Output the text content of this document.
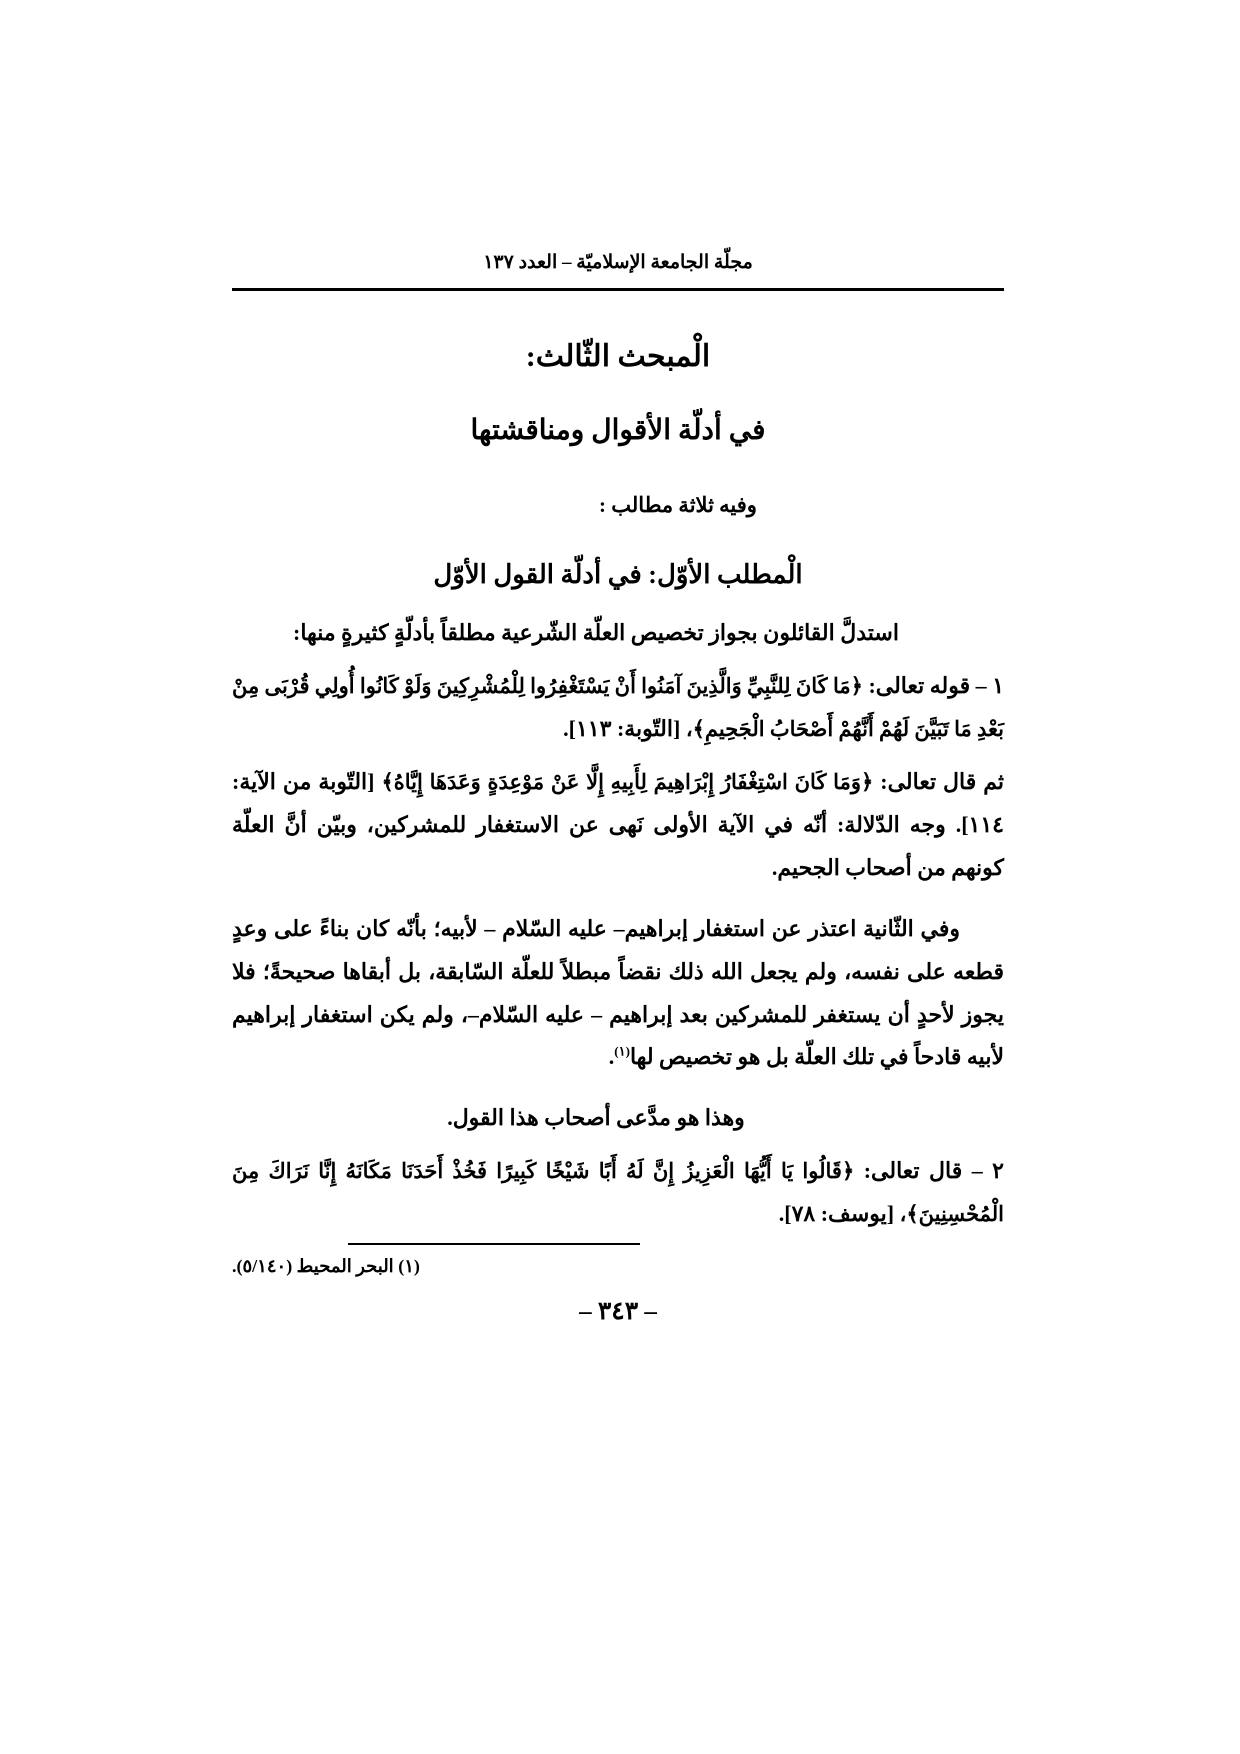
مجلّة الجامعة الإسلاميّة – العدد ١٣٧
الْمبحث الثّالث:
في أدلّة الأقوال ومناقشتها
وفيه ثلاثة مطالب :
الْمطلب الأوّل: في أدلّة القول الأوّل

استدلَّ القائلون بجواز تخصيص العلّة الشّرعية مطلقاً بأدلّةٍ كثيرةٍ منها:

١ – قوله تعالى: ﴿مَا كَانَ لِلنَّبِيِّ وَالَّذِينَ آمَنُوا أَنْ يَسْتَغْفِرُوا لِلْمُشْرِكِينَ وَلَوْ كَانُوا أُولِي قُرْبَى مِنْ بَعْدِ مَا تَبَيَّنَ لَهُمْ أَنَّهُمْ أَصْحَابُ الْجَحِيمِ﴾، [التّوبة: ١١٣].

ثم قال تعالى: ﴿وَمَا كَانَ اسْتِغْفَارُ إِبْرَاهِيمَ لِأَبِيهِ إِلَّا عَنْ مَوْعِدَةٍ وَعَدَهَا إِيَّاهُ﴾ [التّوبة من الآية: ١١٤]. وجه الدّلالة: أنّه في الآية الأولى نَهى عن الاستغفار للمشركين، وبيّن أنَّ العلّة كونهم من أصحاب الجحيم.

وفي الثّانية اعتذر عن استغفار إبراهيم– عليه السّلام – لأبيه؛ بأنّه كان بناءً على وعدٍ قطعه على نفسه، ولم يجعل الله ذلك نقضاً مبطلاً للعلّة السّابقة، بل أبقاها صحيحةً؛ فلا يجوز لأحدٍ أن يستغفر للمشركين بعد إبراهيم – عليه السّلام–، ولم يكن استغفار إبراهيم لأبيه قادحاً في تلك العلّة بل هو تخصيص لها$^{(١)}$.

وهذا هو مدَّعى أصحاب هذا القول.

٢ – قال تعالى: ﴿قَالُوا يَا أَيُّهَا الْعَزِيزُ إِنَّ لَهُ أَبًا شَيْخًا كَبِيرًا فَخُذْ أَحَدَنَا مَكَانَهُ إِنَّا نَرَاكَ مِنَ الْمُحْسِنِينَ﴾، [يوسف: ٧٨].

(١) البحر المحيط (٥/١٤٠).
– ٣٤٣ –
